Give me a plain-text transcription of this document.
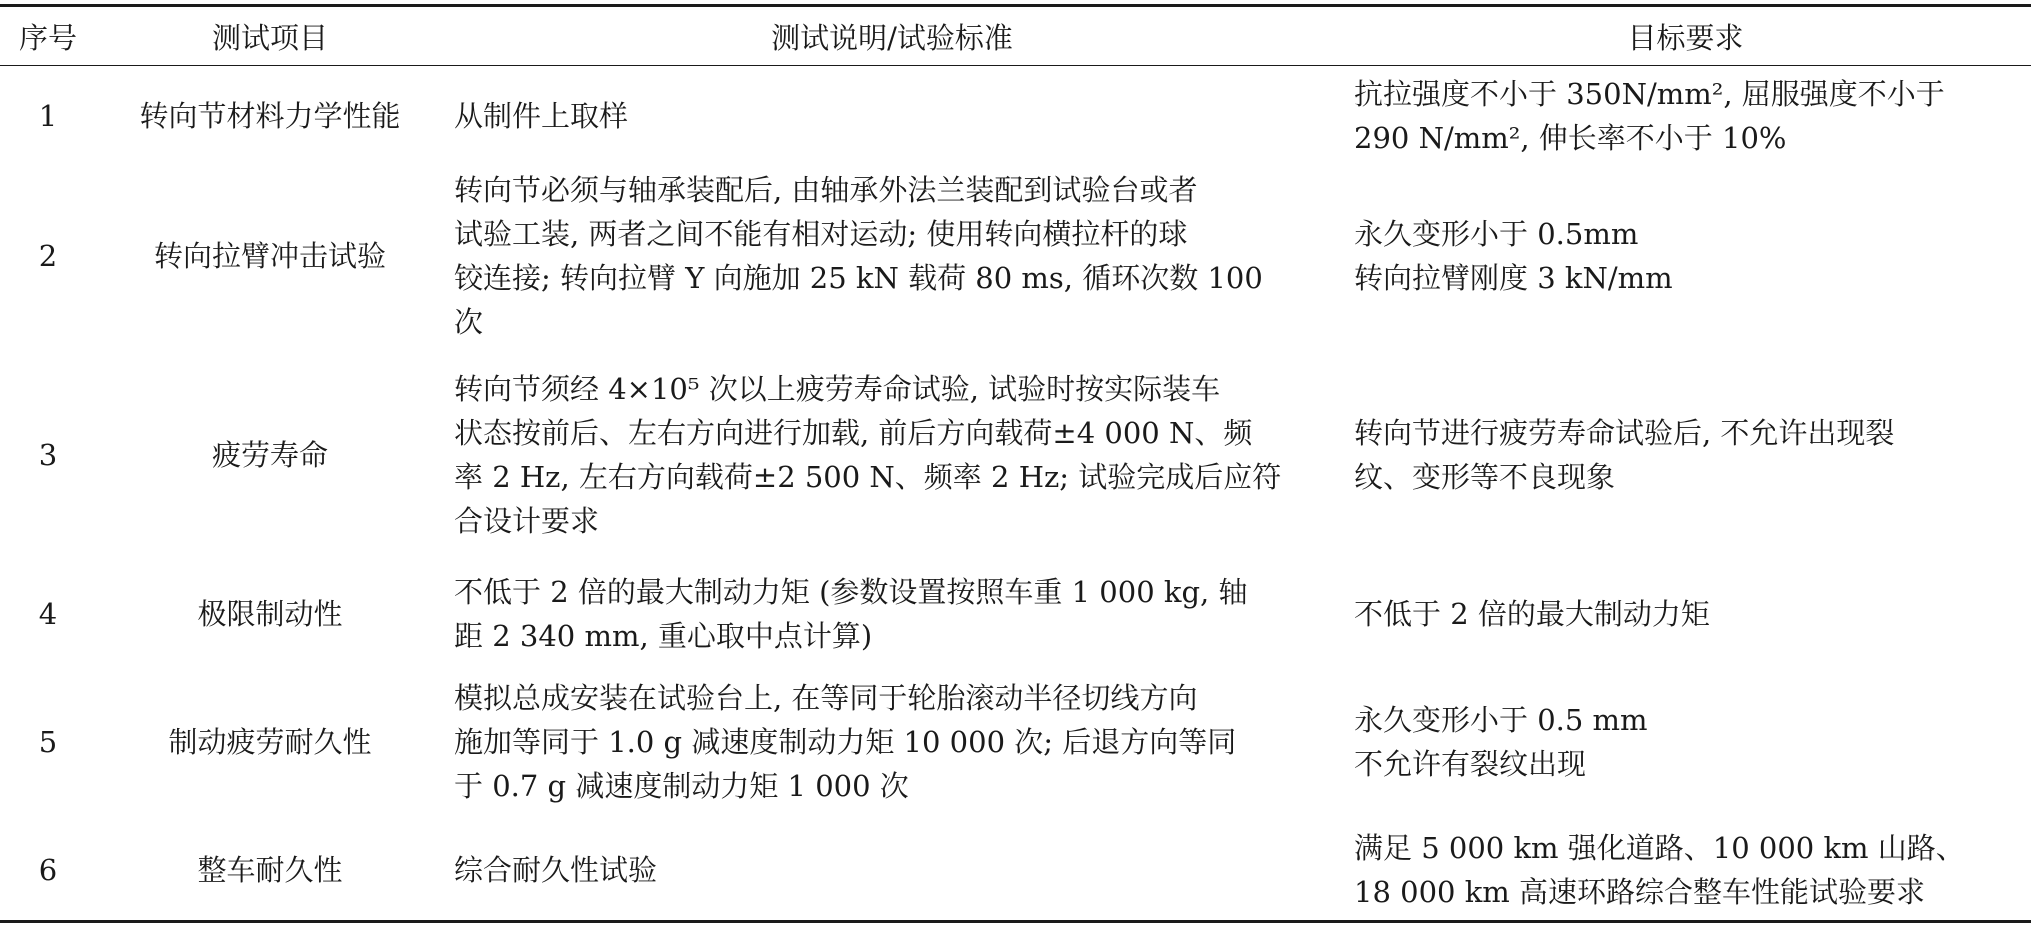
序号	测试项目	测试说明/试验标准	目标要求
1	转向节材料力学性能	从制件上取样	抗拉强度不小于 350N/mm², 屈服强度不小于
290 N/mm², 伸长率不小于 10%

2	转向拉臂冲击试验	转向节必须与轴承装配后, 由轴承外法兰装配到试验台或者
试验工装, 两者之间不能有相对运动; 使用转向横拉杆的球
铰连接; 转向拉臂 Y 向施加 25 kN 载荷 80 ms, 循环次数 100
次	永久变形小于 0.5mm
转向拉臂刚度 3 kN/mm

3	疲劳寿命	转向节须经 4×10⁵ 次以上疲劳寿命试验, 试验时按实际装车
状态按前后、左右方向进行加载, 前后方向载荷±4 000 N、频
率 2 Hz, 左右方向载荷±2 500 N、频率 2 Hz; 试验完成后应符
合设计要求	转向节进行疲劳寿命试验后, 不允许出现裂
纹、变形等不良现象

4	极限制动性	不低于 2 倍的最大制动力矩 (参数设置按照车重 1 000 kg, 轴
距 2 340 mm, 重心取中点计算)	不低于 2 倍的最大制动力矩

5	制动疲劳耐久性	模拟总成安装在试验台上, 在等同于轮胎滚动半径切线方向
施加等同于 1.0 g 减速度制动力矩 10 000 次; 后退方向等同
于 0.7 g 减速度制动力矩 1 000 次	永久变形小于 0.5 mm
不允许有裂纹出现

6	整车耐久性	综合耐久性试验	满足 5 000 km 强化道路、10 000 km 山路、
18 000 km 高速环路综合整车性能试验要求
